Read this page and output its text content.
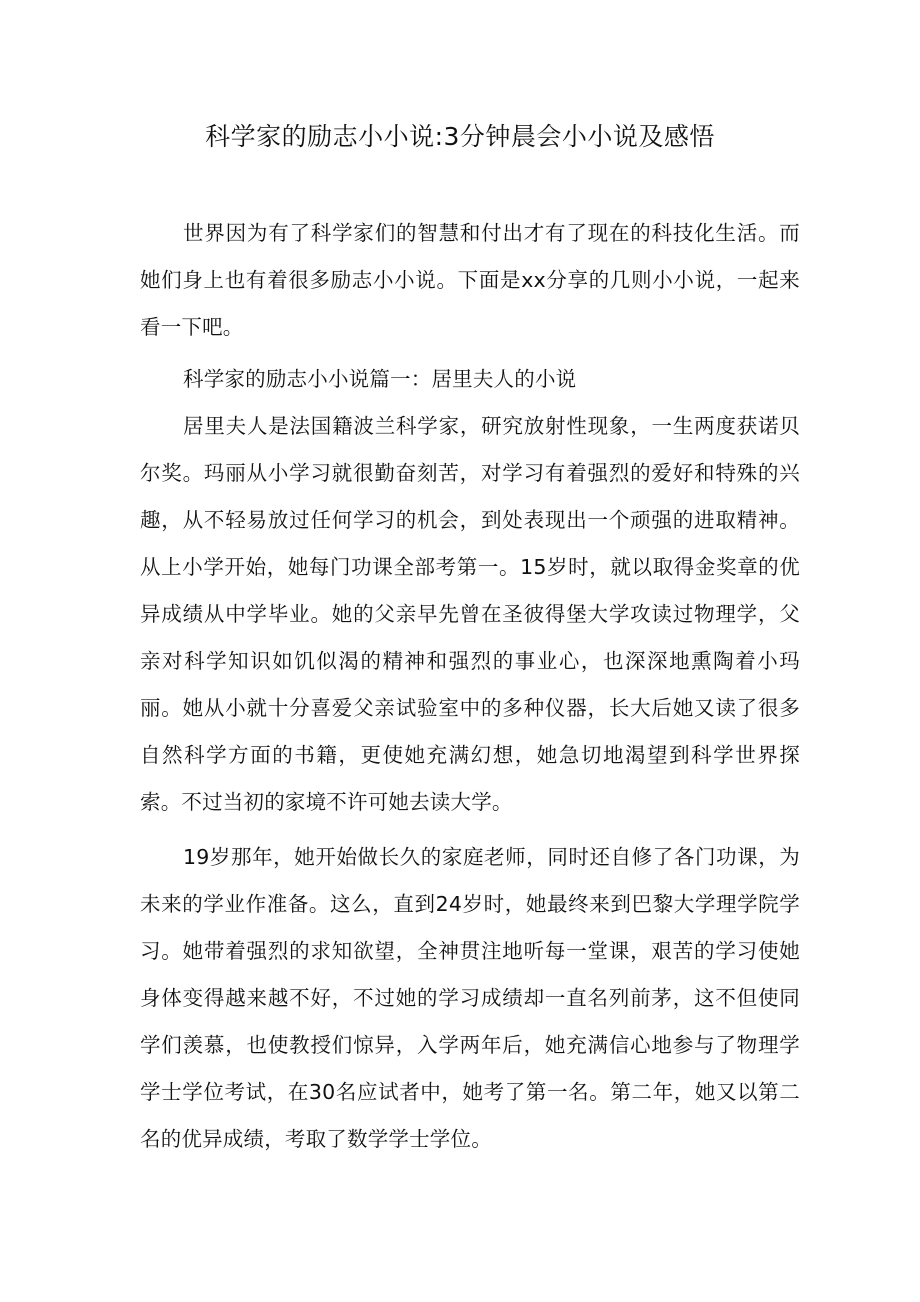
科学家的励志小小说:3分钟晨会小小说及感悟

世界因为有了科学家们的智慧和付出才有了现在的科技化生活。而她们身上也有着很多励志小小说。下面是xx分享的几则小小说，一起来看一下吧。

科学家的励志小小说篇一：居里夫人的小说

居里夫人是法国籍波兰科学家，研究放射性现象，一生两度获诺贝尔奖。玛丽从小学习就很勤奋刻苦，对学习有着强烈的爱好和特殊的兴趣，从不轻易放过任何学习的机会，到处表现出一个顽强的进取精神。从上小学开始，她每门功课全部考第一。15岁时，就以取得金奖章的优异成绩从中学毕业。她的父亲早先曾在圣彼得堡大学攻读过物理学，父亲对科学知识如饥似渴的精神和强烈的事业心，也深深地熏陶着小玛丽。她从小就十分喜爱父亲试验室中的多种仪器，长大后她又读了很多自然科学方面的书籍，更使她充满幻想，她急切地渴望到科学世界探索。不过当初的家境不许可她去读大学。

19岁那年，她开始做长久的家庭老师，同时还自修了各门功课，为未来的学业作准备。这么，直到24岁时，她最终来到巴黎大学理学院学习。她带着强烈的求知欲望，全神贯注地听每一堂课，艰苦的学习使她身体变得越来越不好，不过她的学习成绩却一直名列前茅，这不但使同学们羡慕，也使教授们惊异，入学两年后，她充满信心地参与了物理学学士学位考试，在30名应试者中，她考了第一名。第二年，她又以第二名的优异成绩，考取了数学学士学位。
